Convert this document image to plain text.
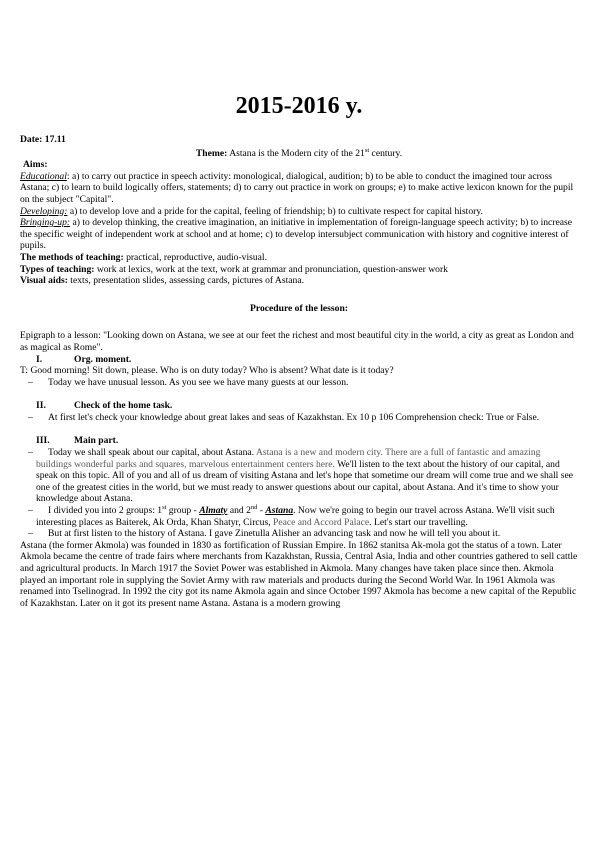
2015-2016 y.

Date: 17.11

Theme: Astana is the Modern city of the 21st century.

Aims:

Educational: a) to carry out practice in speech activity: monological, dialogical, audition; b) to be able to conduct the imagined tour across Astana; c) to learn to build logically offers, statements; d) to carry out practice in work on groups; e) to make active lexicon known for the pupil on the subject "Capital".

Developing: a) to develop love and a pride for the capital, feeling of friendship; b) to cultivate respect for capital history.

Bringing-up: a) to develop thinking, the creative imagination, an initiative in implementation of foreign-language speech activity; b) to increase the specific weight of independent work at school and at home; c) to develop intersubject communication with history and cognitive interest of pupils.

The methods of teaching: practical, reproductive, audio-visual.

Types of teaching: work at lexics, work at the text, work at grammar and pronunciation, question-answer work

Visual aids: texts, presentation slides, assessing cards, pictures of Astana.

Procedure of the lesson:

Epigraph to a lesson: "Looking down on Astana, we see at our feet the richest and most beautiful city in the world, a city as great as London and as magical as Rome".

I.	Org. moment.

T: Good morning! Sit down, please. Who is on duty today? Who is absent? What date is it today?

– Today we have unusual lesson. As you see we have many guests at our lesson.

II.	Check of the home task.

– At first let's check your knowledge about great lakes and seas of Kazakhstan. Ex 10 p 106 Comprehension check: True or False.

III.	Main part.

– Today we shall speak about our capital, about Astana. Astana is a new and modern city. There are a full of fantastic and amazing buildings wonderful parks and squares, marvelous entertainment centers here. We'll listen to the text about the history of our capital, and speak on this topic. All of you and all of us dream of visiting Astana and let's hope that sometime our dream will come true and we shall see one of the greatest cities in the world, but we must ready to answer questions about our capital, about Astana. And it's time to show your knowledge about Astana.

– I divided you into 2 groups: 1st group - Almaty and 2nd - Astana. Now we're going to begin our travel across Astana. We'll visit such interesting places as Baiterek, Ak Orda, Khan Shatyr, Circus, Peace and Accord Palace. Let's start our travelling.

– But at first listen to the history of Astana. I gave Zinetulla Alisher an advancing task and now he will tell you about it.

Astana (the former Akmola) was founded in 1830 as fortification of Russian Empire. In 1862 stanitsa Ak-mola got the status of a town. Later Akmola became the centre of trade fairs where merchants from Kazakhstan, Russia, Central Asia, India and other countries gathered to sell cattle and agricultural products. In March 1917 the Soviet Power was established in Akmola. Many changes have taken place since then. Akmola played an important role in supplying the Soviet Army with raw materials and products during the Second World War. In 1961 Akmola was renamed into Tselinograd. In 1992 the city got its name Akmola again and since October 1997 Akmola has become a new capital of the Republic of Kazakhstan. Later on it got its present name Astana. Astana is a modern growing
